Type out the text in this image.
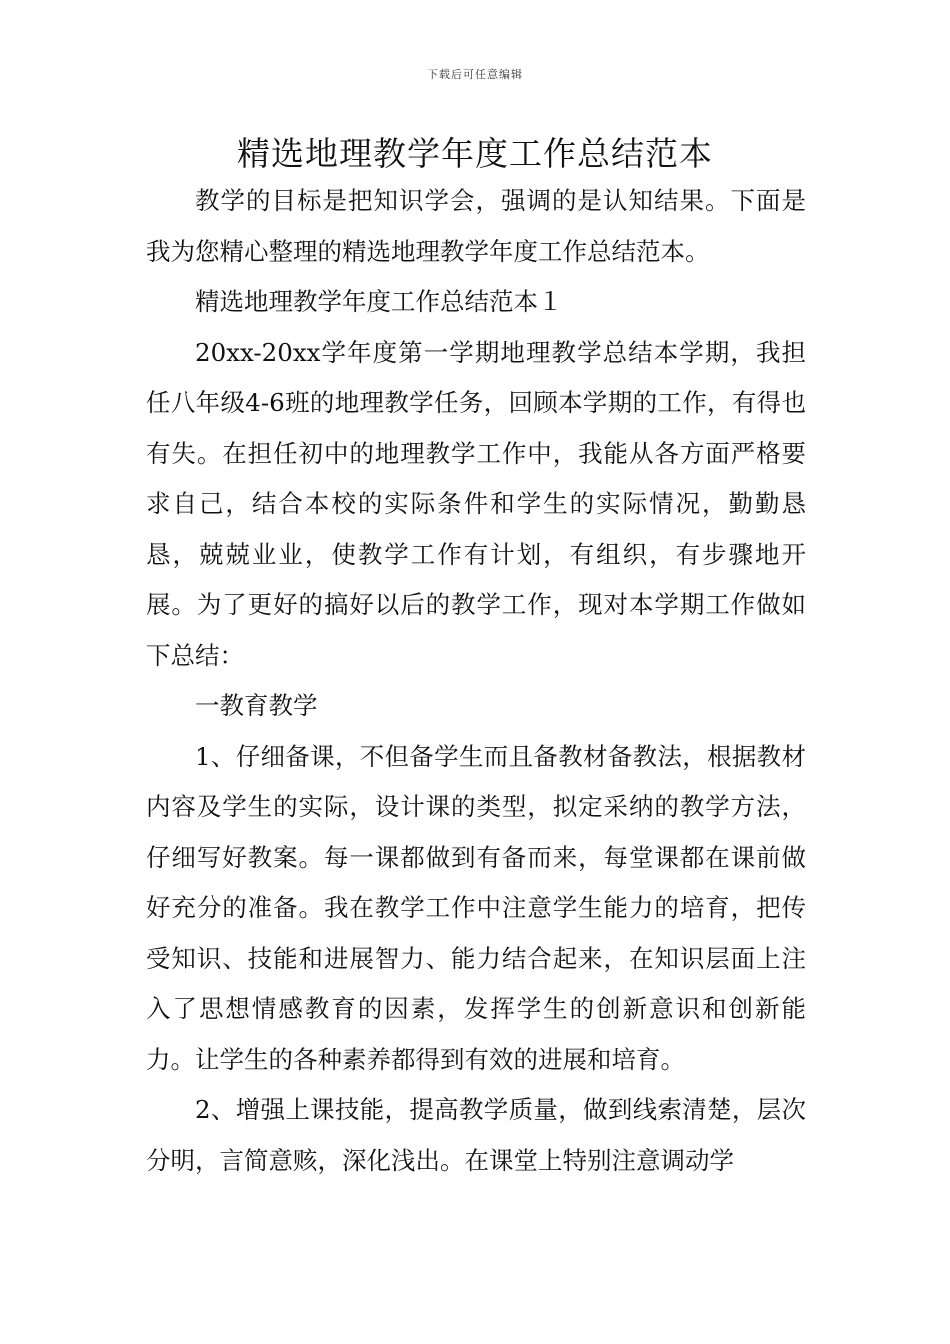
下载后可任意编辑
精选地理教学年度工作总结范本

教学的目标是把知识学会，强调的是认知结果。下面是我为您精心整理的精选地理教学年度工作总结范本。

精选地理教学年度工作总结范本１

20xx-20xx学年度第一学期地理教学总结本学期，我担任八年级4-6班的地理教学任务，回顾本学期的工作，有得也有失。在担任初中的地理教学工作中，我能从各方面严格要求自己，结合本校的实际条件和学生的实际情况，勤勤恳恳，兢兢业业，使教学工作有计划，有组织，有步骤地开展。为了更好的搞好以后的教学工作，现对本学期工作做如下总结：

一教育教学

1、仔细备课，不但备学生而且备教材备教法，根据教材内容及学生的实际，设计课的类型，拟定采纳的教学方法，仔细写好教案。每一课都做到有备而来，每堂课都在课前做好充分的准备。我在教学工作中注意学生能力的培育，把传受知识、技能和进展智力、能力结合起来，在知识层面上注入了思想情感教育的因素，发挥学生的创新意识和创新能力。让学生的各种素养都得到有效的进展和培育。

2、增强上课技能，提高教学质量，做到线索清楚，层次分明，言简意赅，深化浅出。在课堂上特别注意调动学
